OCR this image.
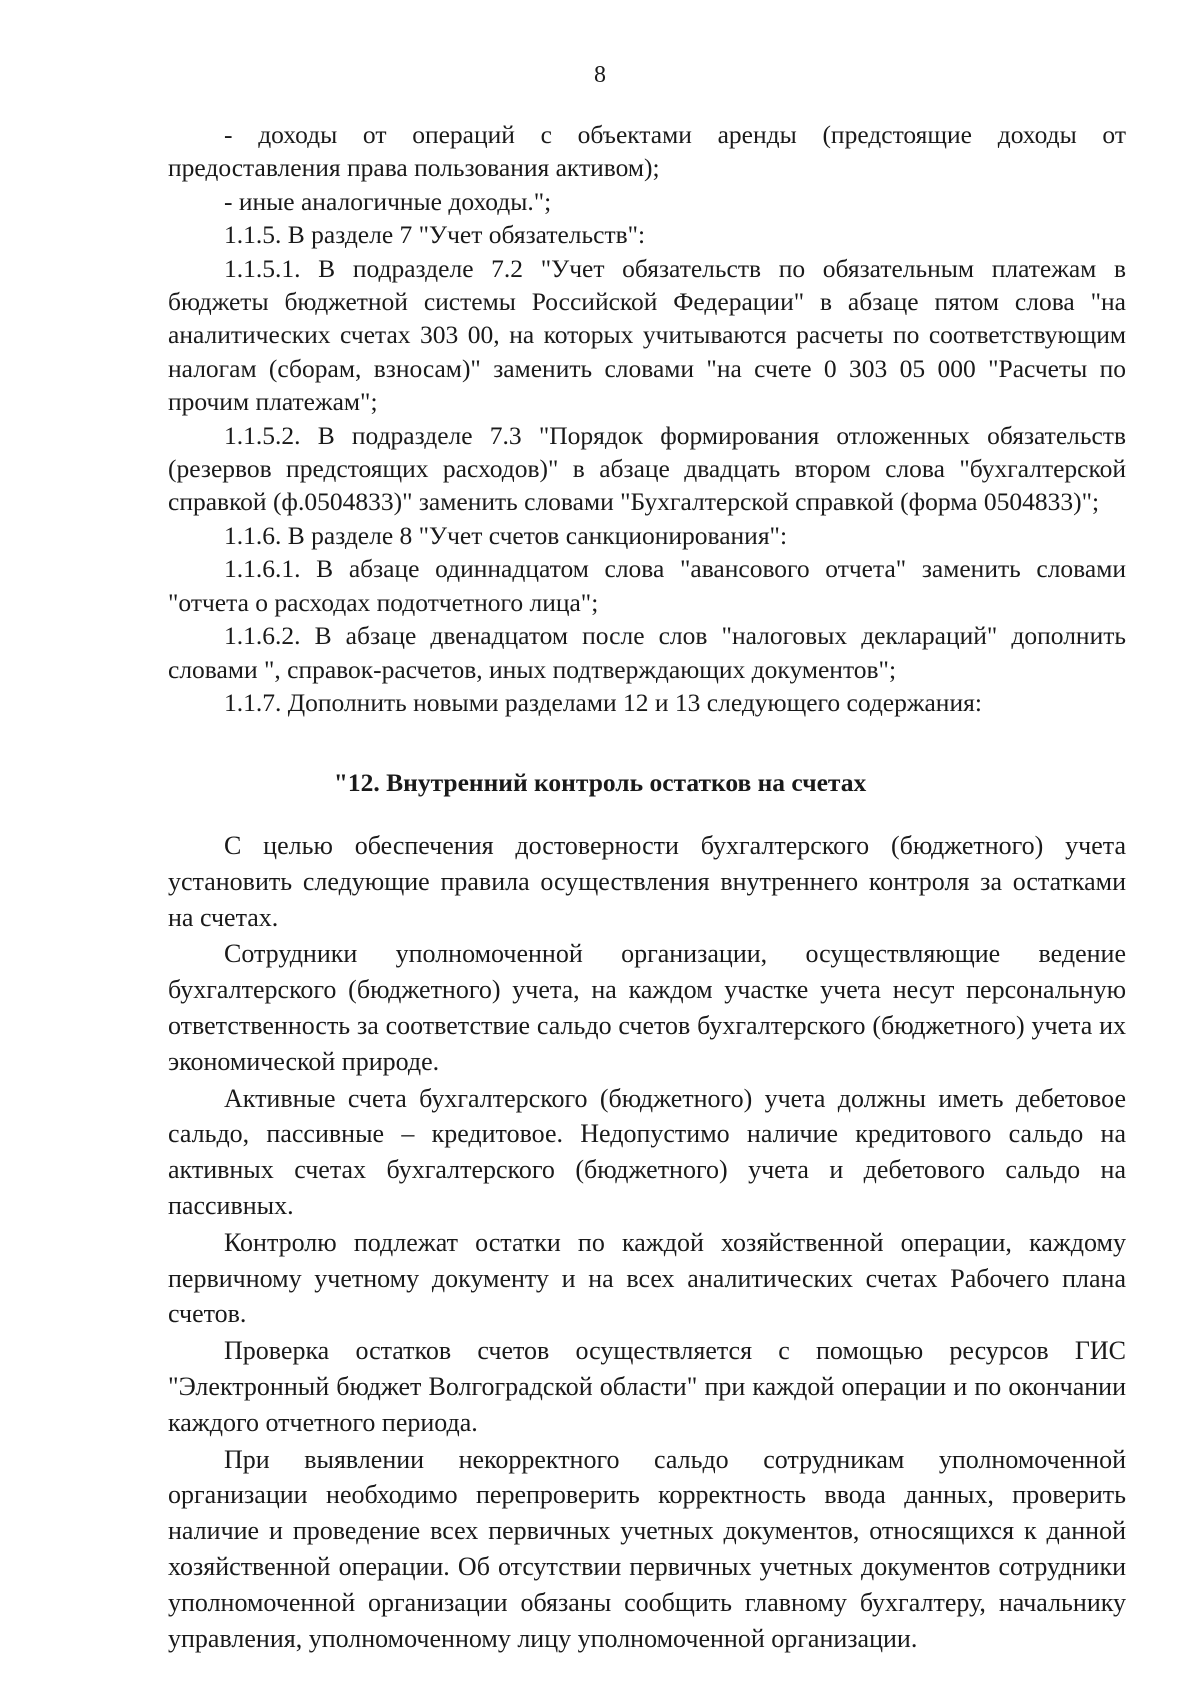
8

- доходы от операций с объектами аренды (предстоящие доходы от предоставления права пользования активом);

- иные аналогичные доходы.";

1.1.5. В разделе 7 "Учет обязательств":

1.1.5.1. В подразделе 7.2 "Учет обязательств по обязательным платежам в бюджеты бюджетной системы Российской Федерации" в абзаце пятом слова "на аналитических счетах 303 00, на которых учитываются расчеты по соответствующим налогам (сборам, взносам)" заменить словами "на счете 0 303 05 000 "Расчеты по прочим платежам";

1.1.5.2. В подразделе 7.3 "Порядок формирования отложенных обязательств (резервов предстоящих расходов)" в абзаце двадцать втором слова "бухгалтерской справкой (ф.0504833)" заменить словами "Бухгалтерской справкой (форма 0504833)";

1.1.6. В разделе 8 "Учет счетов санкционирования":

1.1.6.1. В абзаце одиннадцатом слова "авансового отчета" заменить словами "отчета о расходах подотчетного лица";

1.1.6.2. В абзаце двенадцатом после слов "налоговых деклараций" дополнить словами ", справок-расчетов, иных подтверждающих документов";

1.1.7. Дополнить новыми разделами 12 и 13 следующего содержания:

"12. Внутренний контроль остатков на счетах

С целью обеспечения достоверности бухгалтерского (бюджетного) учета установить следующие правила осуществления внутреннего контроля за остатками на счетах.

Сотрудники уполномоченной организации, осуществляющие ведение бухгалтерского (бюджетного) учета, на каждом участке учета несут персональную ответственность за соответствие сальдо счетов бухгалтерского (бюджетного) учета их экономической природе.

Активные счета бухгалтерского (бюджетного) учета должны иметь дебетовое сальдо, пассивные – кредитовое. Недопустимо наличие кредитового сальдо на активных счетах бухгалтерского (бюджетного) учета и дебетового сальдо на пассивных.

Контролю подлежат остатки по каждой хозяйственной операции, каждому первичному учетному документу и на всех аналитических счетах Рабочего плана счетов.

Проверка остатков счетов осуществляется с помощью ресурсов ГИС "Электронный бюджет Волгоградской области" при каждой операции и по окончании каждого отчетного периода.

При выявлении некорректного сальдо сотрудникам уполномоченной организации необходимо перепроверить корректность ввода данных, проверить наличие и проведение всех первичных учетных документов, относящихся к данной хозяйственной операции. Об отсутствии первичных учетных документов сотрудники уполномоченной организации обязаны сообщить главному бухгалтеру, начальнику управления, уполномоченному лицу уполномоченной организации.
